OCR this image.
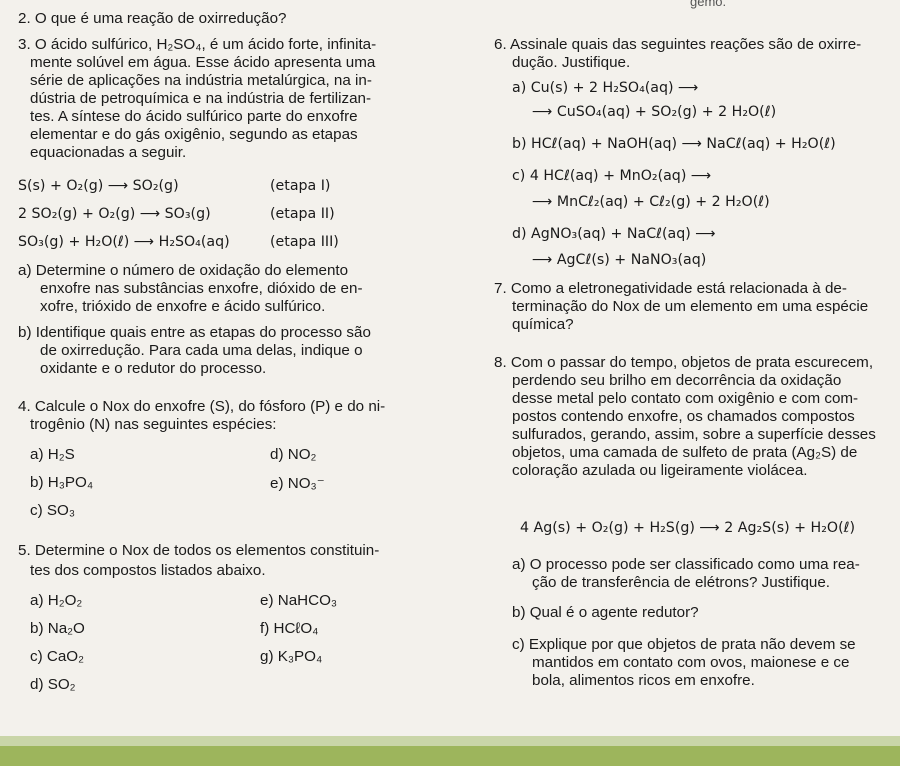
gemo.
2. O que é uma reação de oxirredução?
3. O ácido sulfúrico, H₂SO₄, é um ácido forte, infinita-
mente solúvel em água. Esse ácido apresenta uma
série de aplicações na indústria metalúrgica, na in-
dústria de petroquímica e na indústria de fertilizan-
tes. A síntese do ácido sulfúrico parte do enxofre
elementar e do gás oxigênio, segundo as etapas
equacionadas a seguir.
S(s) + O₂(g) ⟶ SO₂(g)	(etapa I)
2 SO₂(g) + O₂(g) ⟶ SO₃(g)	(etapa II)
SO₃(g) + H₂O(ℓ) ⟶ H₂SO₄(aq)	(etapa III)
a) Determine o número de oxidação do elemento
enxofre nas substâncias enxofre, dióxido de en-
xofre, trióxido de enxofre e ácido sulfúrico.
b) Identifique quais entre as etapas do processo são
de oxirredução. Para cada uma delas, indique o
oxidante e o redutor do processo.
4. Calcule o Nox do enxofre (S), do fósforo (P) e do ni-
trogênio (N) nas seguintes espécies:
a) H₂S
b) H₃PO₄
c) SO₃
d) NO₂
e) NO₃⁻
5. Determine o Nox de todos os elementos constituin-
tes dos compostos listados abaixo.
a) H₂O₂
b) Na₂O
c) CaO₂
d) SO₂
e) NaHCO₃
f) HCℓO₄
g) K₃PO₄
6. Assinale quais das seguintes reações são de oxirre-
dução. Justifique.
a) Cu(s) + 2 H₂SO₄(aq) ⟶
⟶ CuSO₄(aq) + SO₂(g) + 2 H₂O(ℓ)
b) HCℓ(aq) + NaOH(aq) ⟶ NaCℓ(aq) + H₂O(ℓ)
c) 4 HCℓ(aq) + MnO₂(aq) ⟶
⟶ MnCℓ₂(aq) + Cℓ₂(g) + 2 H₂O(ℓ)
d) AgNO₃(aq) + NaCℓ(aq) ⟶
⟶ AgCℓ(s) + NaNO₃(aq)
7. Como a eletronegatividade está relacionada à de-
terminação do Nox de um elemento em uma espécie
química?
8. Com o passar do tempo, objetos de prata escurecem,
perdendo seu brilho em decorrência da oxidação
desse metal pelo contato com oxigênio e com com-
postos contendo enxofre, os chamados compostos
sulfurados, gerando, assim, sobre a superfície desses
objetos, uma camada de sulfeto de prata (Ag₂S) de
coloração azulada ou ligeiramente violácea.
4 Ag(s) + O₂(g) + H₂S(g) ⟶ 2 Ag₂S(s) + H₂O(ℓ)
a) O processo pode ser classificado como uma rea-
ção de transferência de elétrons? Justifique.
b) Qual é o agente redutor?
c) Explique por que objetos de prata não devem se
mantidos em contato com ovos, maionese e ce
bola, alimentos ricos em enxofre.
